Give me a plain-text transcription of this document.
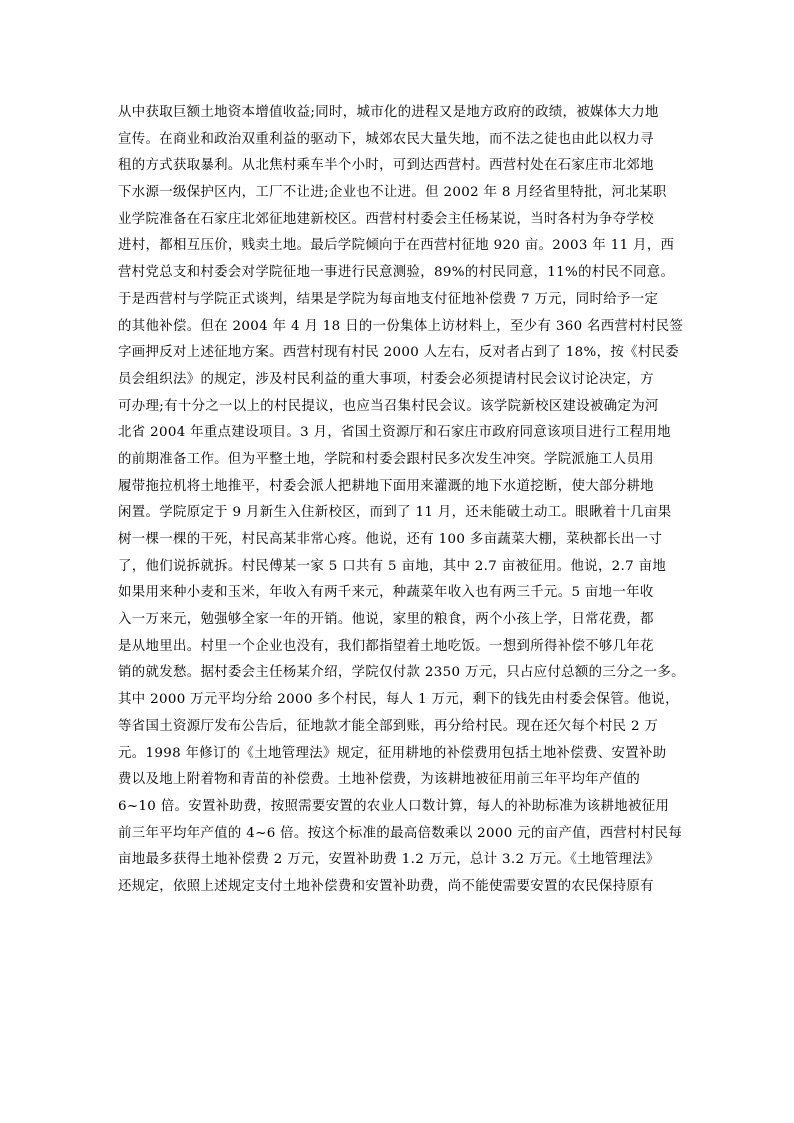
从中获取巨额土地资本增值收益;同时，城市化的进程又是地方政府的政绩，被媒体大力地
宣传。在商业和政治双重利益的驱动下，城郊农民大量失地，而不法之徒也由此以权力寻
租的方式获取暴利。从北焦村乘车半个小时，可到达西营村。西营村处在石家庄市北郊地
下水源一级保护区内，工厂不让进;企业也不让进。但 2002 年 8 月经省里特批，河北某职
业学院准备在石家庄北郊征地建新校区。西营村村委会主任杨某说，当时各村为争夺学校
进村，都相互压价，贱卖土地。最后学院倾向于在西营村征地 920 亩。2003 年 11 月，西
营村党总支和村委会对学院征地一事进行民意测验，89%的村民同意，11%的村民不同意。
于是西营村与学院正式谈判，结果是学院为每亩地支付征地补偿费 7 万元，同时给予一定
的其他补偿。但在 2004 年 4 月 18 日的一份集体上访材料上，至少有 360 名西营村村民签
字画押反对上述征地方案。西营村现有村民 2000 人左右，反对者占到了 18%，按《村民委
员会组织法》的规定，涉及村民利益的重大事项，村委会必须提请村民会议讨论决定，方
可办理;有十分之一以上的村民提议，也应当召集村民会议。该学院新校区建设被确定为河
北省 2004 年重点建设项目。3 月，省国土资源厅和石家庄市政府同意该项目进行工程用地
的前期准备工作。但为平整土地，学院和村委会跟村民多次发生冲突。学院派施工人员用
履带拖拉机将土地推平，村委会派人把耕地下面用来灌溉的地下水道挖断，使大部分耕地
闲置。学院原定于 9 月新生入住新校区，而到了 11 月，还未能破土动工。眼瞅着十几亩果
树一棵一棵的干死，村民高某非常心疼。他说，还有 100 多亩蔬菜大棚，菜秧都长出一寸
了，他们说拆就拆。村民傅某一家 5 口共有 5 亩地，其中 2.7 亩被征用。他说，2.7 亩地
如果用来种小麦和玉米，年收入有两千来元，种蔬菜年收入也有两三千元。5 亩地一年收
入一万来元，勉强够全家一年的开销。他说，家里的粮食，两个小孩上学，日常花费，都
是从地里出。村里一个企业也没有，我们都指望着土地吃饭。一想到所得补偿不够几年花
销的就发愁。据村委会主任杨某介绍，学院仅付款 2350 万元，只占应付总额的三分之一多。
其中 2000 万元平均分给 2000 多个村民，每人 1 万元，剩下的钱先由村委会保管。他说，
等省国土资源厅发布公告后，征地款才能全部到账，再分给村民。现在还欠每个村民 2 万
元。1998 年修订的《土地管理法》规定，征用耕地的补偿费用包括土地补偿费、安置补助
费以及地上附着物和青苗的补偿费。土地补偿费，为该耕地被征用前三年平均年产值的
6~10 倍。安置补助费，按照需要安置的农业人口数计算，每人的补助标准为该耕地被征用
前三年平均年产值的 4~6 倍。按这个标准的最高倍数乘以 2000 元的亩产值，西营村村民每
亩地最多获得土地补偿费 2 万元，安置补助费 1.2 万元，总计 3.2 万元。《土地管理法》
还规定，依照上述规定支付土地补偿费和安置补助费，尚不能使需要安置的农民保持原有
